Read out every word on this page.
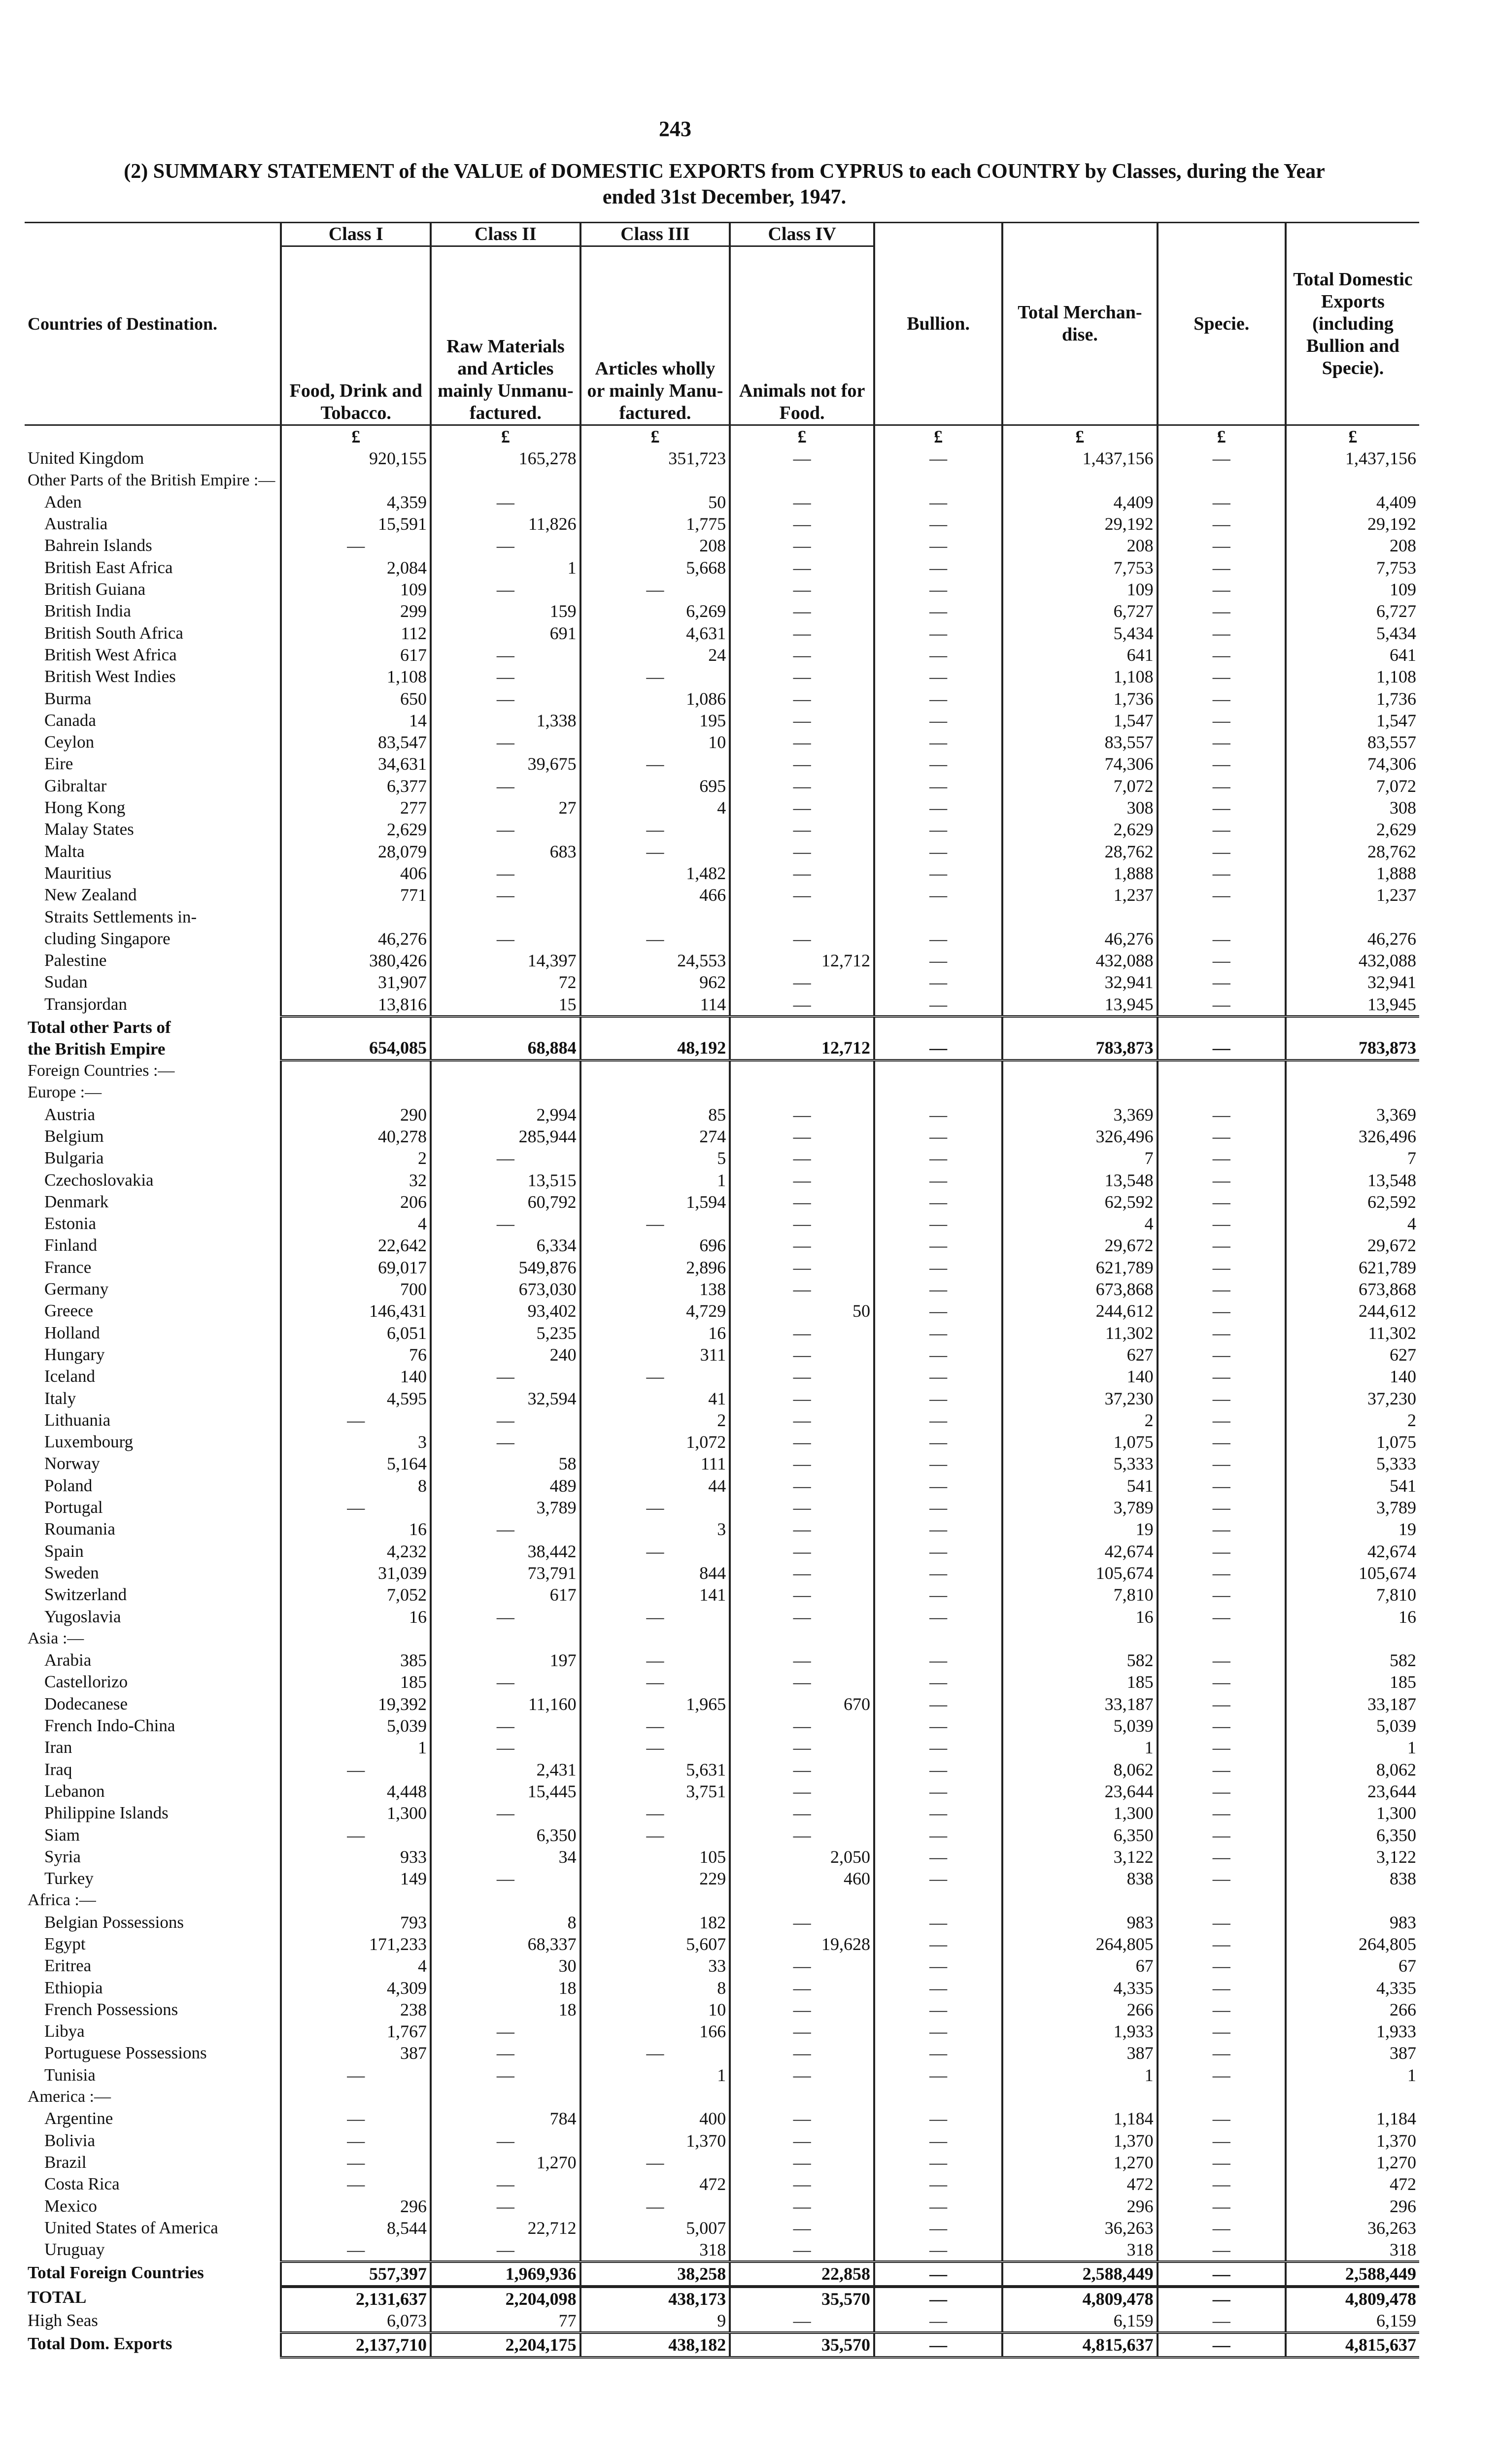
243
(2) SUMMARY STATEMENT of the VALUE of DOMESTIC EXPORTS from CYPRUS to each COUNTRY by Classes, during the Year
ended 31st December, 1947.
Countries of Destination.	Class I	Class II	Class III	Class IV	Bullion.	Total Merchan- dise.	Specie.	Total Domestic Exports (including Bullion and Specie).
	Food, Drink and Tobacco.	Raw Materials and Articles mainly Unmanu- factured.	Articles wholly or mainly Manu- factured.	Animals not for Food.				
	£	£	£	£	£	£	£	£
United Kingdom	920,155	165,278	351,723	—	—	1,437,156	—	1,437,156
Other Parts of the British Empire :—								
Aden	4,359	—	50	—	—	4,409	—	4,409
Australia	15,591	11,826	1,775	—	—	29,192	—	29,192
Bahrein Islands	—	—	208	—	—	208	—	208
British East Africa	2,084	1	5,668	—	—	7,753	—	7,753
British Guiana	109	—	—	—	—	109	—	109
British India	299	159	6,269	—	—	6,727	—	6,727
British South Africa	112	691	4,631	—	—	5,434	—	5,434
British West Africa	617	—	24	—	—	641	—	641
British West Indies	1,108	—	—	—	—	1,108	—	1,108
Burma	650	—	1,086	—	—	1,736	—	1,736
Canada	14	1,338	195	—	—	1,547	—	1,547
Ceylon	83,547	—	10	—	—	83,557	—	83,557
Eire	34,631	39,675	—	—	—	74,306	—	74,306
Gibraltar	6,377	—	695	—	—	7,072	—	7,072
Hong Kong	277	27	4	—	—	308	—	308
Malay States	2,629	—	—	—	—	2,629	—	2,629
Malta	28,079	683	—	—	—	28,762	—	28,762
Mauritius	406	—	1,482	—	—	1,888	—	1,888
New Zealand	771	—	466	—	—	1,237	—	1,237
Straits Settlements in-
cluding Singapore	46,276	—	—	—	—	46,276	—	46,276
Palestine	380,426	14,397	24,553	12,712	—	432,088	—	432,088
Sudan	31,907	72	962	—	—	32,941	—	32,941
Transjordan	13,816	15	114	—	—	13,945	—	13,945
Total other Parts of
the British Empire	654,085	68,884	48,192	12,712	—	783,873	—	783,873
Foreign Countries :—								
Europe :—								
Austria	290	2,994	85	—	—	3,369	—	3,369
Belgium	40,278	285,944	274	—	—	326,496	—	326,496
Bulgaria	2	—	5	—	—	7	—	7
Czechoslovakia	32	13,515	1	—	—	13,548	—	13,548
Denmark	206	60,792	1,594	—	—	62,592	—	62,592
Estonia	4	—	—	—	—	4	—	4
Finland	22,642	6,334	696	—	—	29,672	—	29,672
France	69,017	549,876	2,896	—	—	621,789	—	621,789
Germany	700	673,030	138	—	—	673,868	—	673,868
Greece	146,431	93,402	4,729	50	—	244,612	—	244,612
Holland	6,051	5,235	16	—	—	11,302	—	11,302
Hungary	76	240	311	—	—	627	—	627
Iceland	140	—	—	—	—	140	—	140
Italy	4,595	32,594	41	—	—	37,230	—	37,230
Lithuania	—	—	2	—	—	2	—	2
Luxembourg	3	—	1,072	—	—	1,075	—	1,075
Norway	5,164	58	111	—	—	5,333	—	5,333
Poland	8	489	44	—	—	541	—	541
Portugal	—	3,789	—	—	—	3,789	—	3,789
Roumania	16	—	3	—	—	19	—	19
Spain	4,232	38,442	—	—	—	42,674	—	42,674
Sweden	31,039	73,791	844	—	—	105,674	—	105,674
Switzerland	7,052	617	141	—	—	7,810	—	7,810
Yugoslavia	16	—	—	—	—	16	—	16
Asia :—								
Arabia	385	197	—	—	—	582	—	582
Castellorizo	185	—	—	—	—	185	—	185
Dodecanese	19,392	11,160	1,965	670	—	33,187	—	33,187
French Indo-China	5,039	—	—	—	—	5,039	—	5,039
Iran	1	—	—	—	—	1	—	1
Iraq	—	2,431	5,631	—	—	8,062	—	8,062
Lebanon	4,448	15,445	3,751	—	—	23,644	—	23,644
Philippine Islands	1,300	—	—	—	—	1,300	—	1,300
Siam	—	6,350	—	—	—	6,350	—	6,350
Syria	933	34	105	2,050	—	3,122	—	3,122
Turkey	149	—	229	460	—	838	—	838
Africa :—								
Belgian Possessions	793	8	182	—	—	983	—	983
Egypt	171,233	68,337	5,607	19,628	—	264,805	—	264,805
Eritrea	4	30	33	—	—	67	—	67
Ethiopia	4,309	18	8	—	—	4,335	—	4,335
French Possessions	238	18	10	—	—	266	—	266
Libya	1,767	—	166	—	—	1,933	—	1,933
Portuguese Possessions	387	—	—	—	—	387	—	387
Tunisia	—	—	1	—	—	1	—	1
America :—								
Argentine	—	784	400	—	—	1,184	—	1,184
Bolivia	—	—	1,370	—	—	1,370	—	1,370
Brazil	—	1,270	—	—	—	1,270	—	1,270
Costa Rica	—	—	472	—	—	472	—	472
Mexico	296	—	—	—	—	296	—	296
United States of America	8,544	22,712	5,007	—	—	36,263	—	36,263
Uruguay	—	—	318	—	—	318	—	318
Total Foreign Countries	557,397	1,969,936	38,258	22,858	—	2,588,449	—	2,588,449
TOTAL	2,131,637	2,204,098	438,173	35,570	—	4,809,478	—	4,809,478
High Seas	6,073	77	9	—	—	6,159	—	6,159
Total Dom. Exports	2,137,710	2,204,175	438,182	35,570	—	4,815,637	—	4,815,637
